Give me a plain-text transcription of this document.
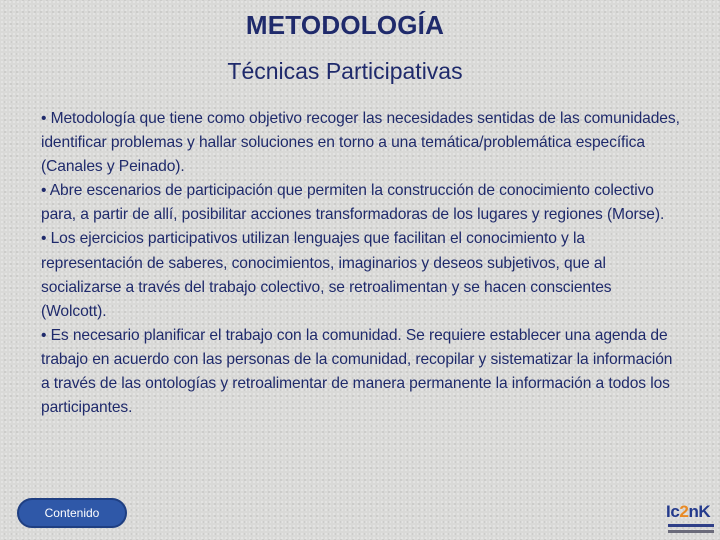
METODOLOGÍA
Técnicas Participativas

• Metodología que tiene como objetivo recoger las necesidades sentidas de las comunidades, identificar problemas y hallar soluciones en torno a una temática/problemática específica (Canales y Peinado).

• Abre escenarios de participación que permiten la construcción de conocimiento colectivo para, a partir de allí, posibilitar acciones transformadoras de los lugares y regiones (Morse).

• Los ejercicios participativos utilizan lenguajes que facilitan el conocimiento y la representación de saberes, conocimientos, imaginarios y deseos subjetivos, que al socializarse a través del trabajo colectivo, se retroalimentan y se hacen conscientes (Wolcott).

• Es necesario planificar el trabajo con la comunidad. Se requiere establecer una agenda de trabajo en acuerdo con las personas de la comunidad, recopilar y sistematizar la información a través de las ontologías y retroalimentar de manera permanente la información a todos los participantes.

Contenido	Ic2nK
